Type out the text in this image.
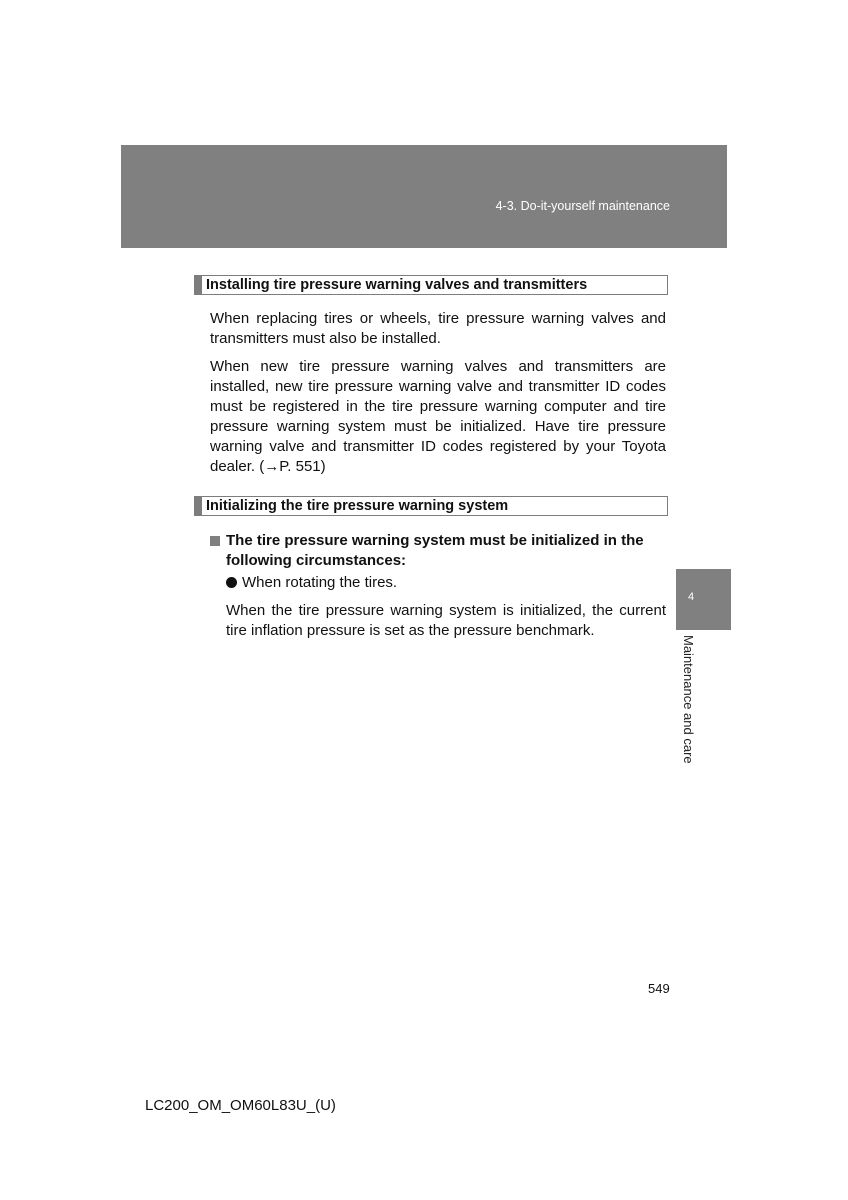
4-3. Do-it-yourself maintenance
4
Maintenance and care
Installing tire pressure warning valves and transmitters

When replacing tires or wheels, tire pressure warning valves and transmitters must also be installed.

When new tire pressure warning valves and transmitters are installed, new tire pressure warning valve and transmitter ID codes must be registered in the tire pressure warning computer and tire pressure warning system must be initialized. Have tire pressure warning valve and transmitter ID codes registered by your Toyota dealer. (→P. 551)

Initializing the tire pressure warning system
The tire pressure warning system must be initialized in the following circumstances:
When rotating the tires.

When the tire pressure warning system is initialized, the current tire inflation pressure is set as the pressure benchmark.

549
LC200_OM_OM60L83U_(U)
